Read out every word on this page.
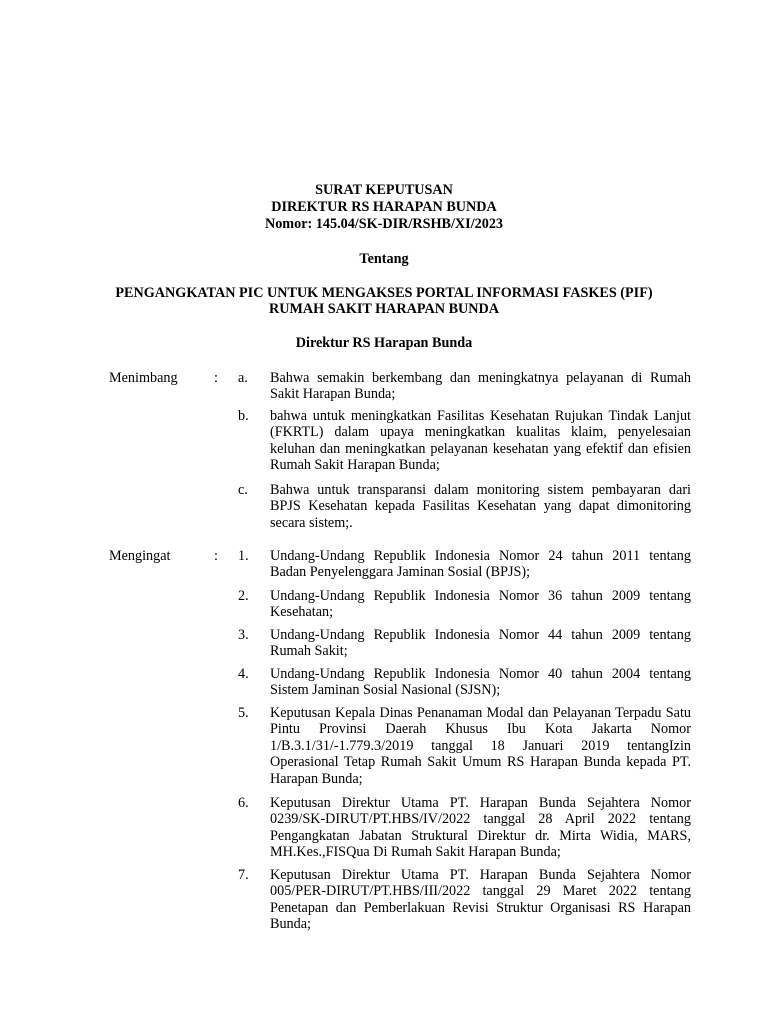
SURAT KEPUTUSAN
DIREKTUR RS HARAPAN BUNDA
Nomor: 145.04/SK-DIR/RSHB/XI/2023
Tentang
PENGANGKATAN PIC UNTUK MENGAKSES PORTAL INFORMASI FASKES (PIF)
RUMAH SAKIT HARAPAN BUNDA
Direktur RS Harapan Bunda
Menimbang	: a. Bahwa semakin berkembang dan meningkatnya pelayanan di Rumah Sakit Harapan Bunda;
b. bahwa untuk meningkatkan Fasilitas Kesehatan Rujukan Tindak Lanjut (FKRTL) dalam upaya meningkatkan kualitas klaim, penyelesaian keluhan dan meningkatkan pelayanan kesehatan yang efektif dan efisien Rumah Sakit Harapan Bunda;
c. Bahwa untuk transparansi dalam monitoring sistem pembayaran dari BPJS Kesehatan kepada Fasilitas Kesehatan yang dapat dimonitoring secara sistem;.
Mengingat	: 1. Undang-Undang Republik Indonesia Nomor 24 tahun 2011 tentang Badan Penyelenggara Jaminan Sosial (BPJS);
2. Undang-Undang Republik Indonesia Nomor 36 tahun 2009 tentang Kesehatan;
3. Undang-Undang Republik Indonesia Nomor 44 tahun 2009 tentang Rumah Sakit;
4. Undang-Undang Republik Indonesia Nomor 40 tahun 2004 tentang Sistem Jaminan Sosial Nasional (SJSN);
5. Keputusan Kepala Dinas Penanaman Modal dan Pelayanan Terpadu Satu Pintu Provinsi Daerah Khusus Ibu Kota Jakarta Nomor 1/B.3.1/31/-1.779.3/2019 tanggal 18 Januari 2019 tentangIzin Operasional Tetap Rumah Sakit Umum RS Harapan Bunda kepada PT. Harapan Bunda;
6. Keputusan Direktur Utama PT. Harapan Bunda Sejahtera Nomor 0239/SK-DIRUT/PT.HBS/IV/2022 tanggal 28 April 2022 tentang Pengangkatan Jabatan Struktural Direktur dr. Mirta Widia, MARS, MH.Kes.,FISQua Di Rumah Sakit Harapan Bunda;
7. Keputusan Direktur Utama PT. Harapan Bunda Sejahtera Nomor 005/PER-DIRUT/PT.HBS/III/2022 tanggal 29 Maret 2022 tentang Penetapan dan Pemberlakuan Revisi Struktur Organisasi RS Harapan Bunda;
